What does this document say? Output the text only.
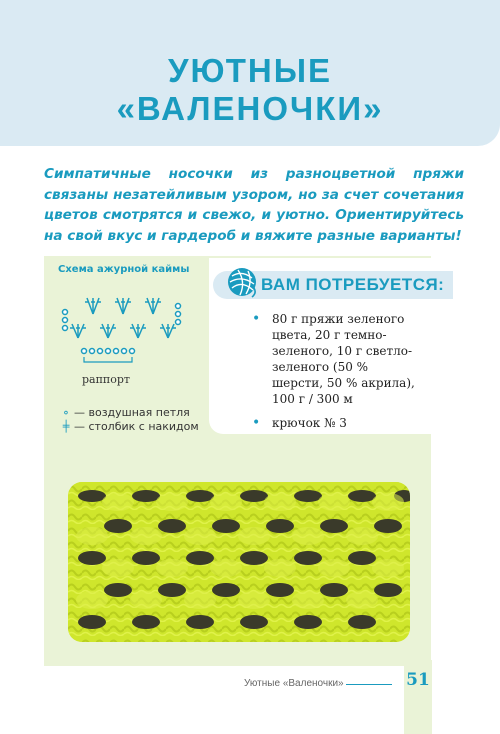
УЮТНЫЕ
«ВАЛЕНОЧКИ»

Симпатичные носочки из разноцветной пряжи связаны незатейливым узором, но за счет сочетания цветов смотрятся и свежо, и уютно. Ориентируйтесь на свой вкус и гардероб и вяжите разные варианты!

Схема ажурной каймы
раппорт
∘ — воздушная петля
╪ — столбик с накидом
ВАМ ПОТРЕБУЕТСЯ:
• 80 г пряжи зеленого цвета, 20 г темно-зеленого, 10 г светло-зеленого (50 % шерсти, 50 % акрила), 100 г / 300 м
• крючок № 3
Уютные «Валеночки»	51
